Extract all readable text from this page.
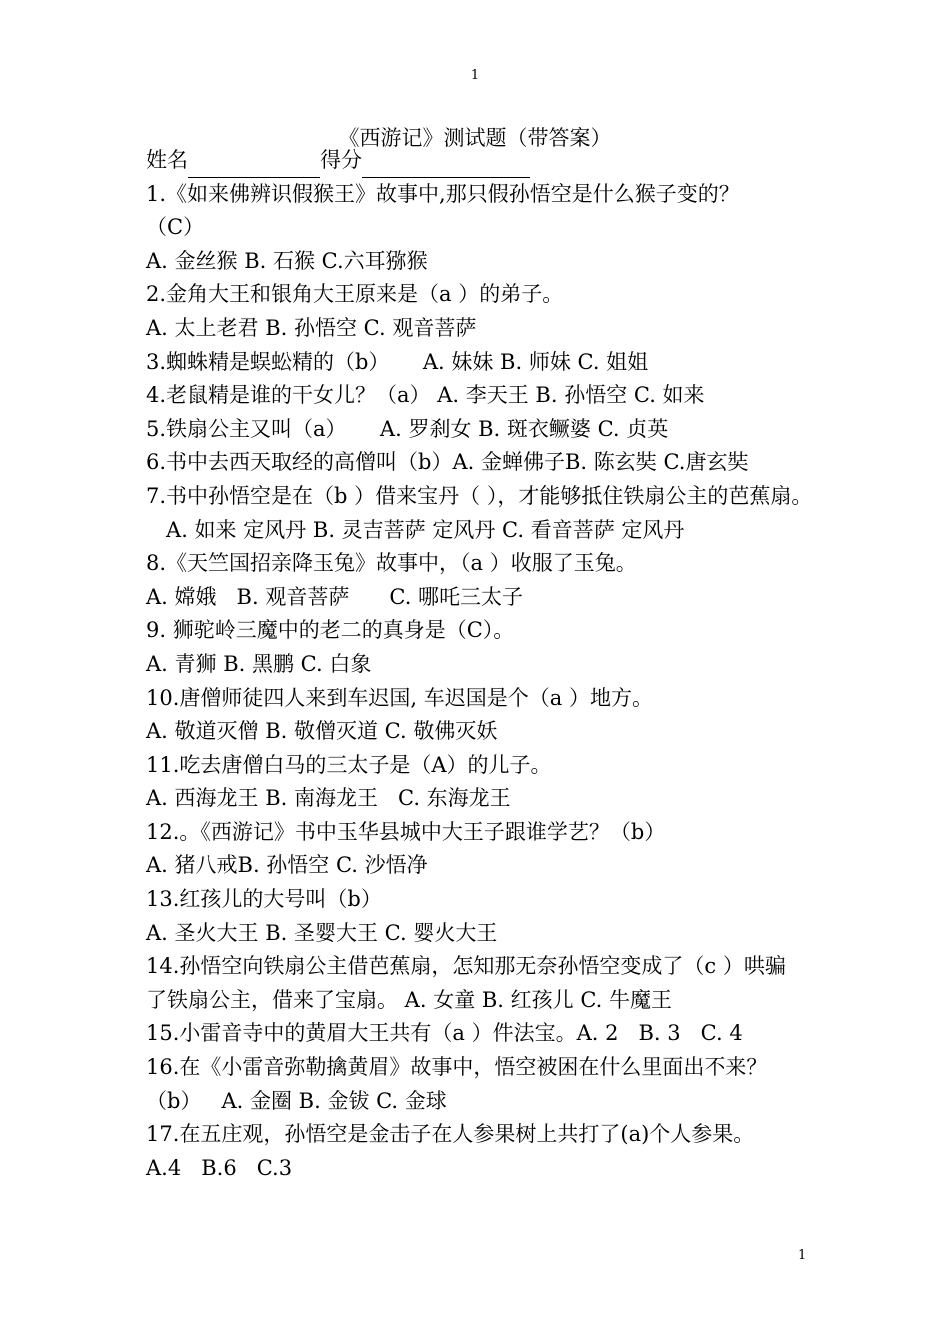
1
《西游记》测试题（带答案）
姓名	得分
1.《如来佛辨识假猴王》故事中,那只假孙悟空是什么猴子变的？
（C）
A. 金丝猴 B. 石猴 C.六耳猕猴
2.金角大王和银角大王原来是（a ）的弟子。
A. 太上老君 B. 孙悟空 C. 观音菩萨
3.蜘蛛精是蜈蚣精的（b）     A. 妹妹 B. 师妹 C. 姐姐
4.老鼠精是谁的干女儿？（a） A. 李天王 B. 孙悟空 C. 如来
5.铁扇公主又叫（a）     A. 罗刹女 B. 斑衣鳜婆 C. 贞英
6.书中去西天取经的高僧叫（b）A. 金蝉佛子B. 陈玄奘 C.唐玄奘
7.书中孙悟空是在（b ）借来宝丹（ ），才能够抵住铁扇公主的芭蕉扇。
A. 如来 定风丹 B. 灵吉菩萨 定风丹 C. 看音菩萨 定风丹
8.《天竺国招亲降玉兔》故事中，（a ）收服了玉兔。
A. 嫦娥   B. 观音菩萨      C. 哪吒三太子
9. 狮驼岭三魔中的老二的真身是（C）。
A. 青狮 B. 黑鹏 C. 白象
10.唐僧师徒四人来到车迟国, 车迟国是个（a ）地方。
A. 敬道灭僧 B. 敬僧灭道 C. 敬佛灭妖
11.吃去唐僧白马的三太子是（A）的儿子。
A. 西海龙王 B. 南海龙王   C. 东海龙王
12.。《西游记》书中玉华县城中大王子跟谁学艺？（b）
A. 猪八戒B. 孙悟空 C. 沙悟净
13.红孩儿的大号叫（b）
A. 圣火大王 B. 圣婴大王 C. 婴火大王
14.孙悟空向铁扇公主借芭蕉扇，怎知那无奈孙悟空变成了（c ）哄骗
了铁扇公主，借来了宝扇。 A. 女童 B. 红孩儿 C. 牛魔王
15.小雷音寺中的黄眉大王共有（a ）件法宝。A. 2   B. 3   C. 4
16.在《小雷音弥勒擒黄眉》故事中，悟空被困在什么里面出不来？
（b）   A. 金圈 B. 金钹 C. 金球
17.在五庄观，孙悟空是金击子在人参果树上共打了(a)个人参果。
A.4   B.6   C.3
1
